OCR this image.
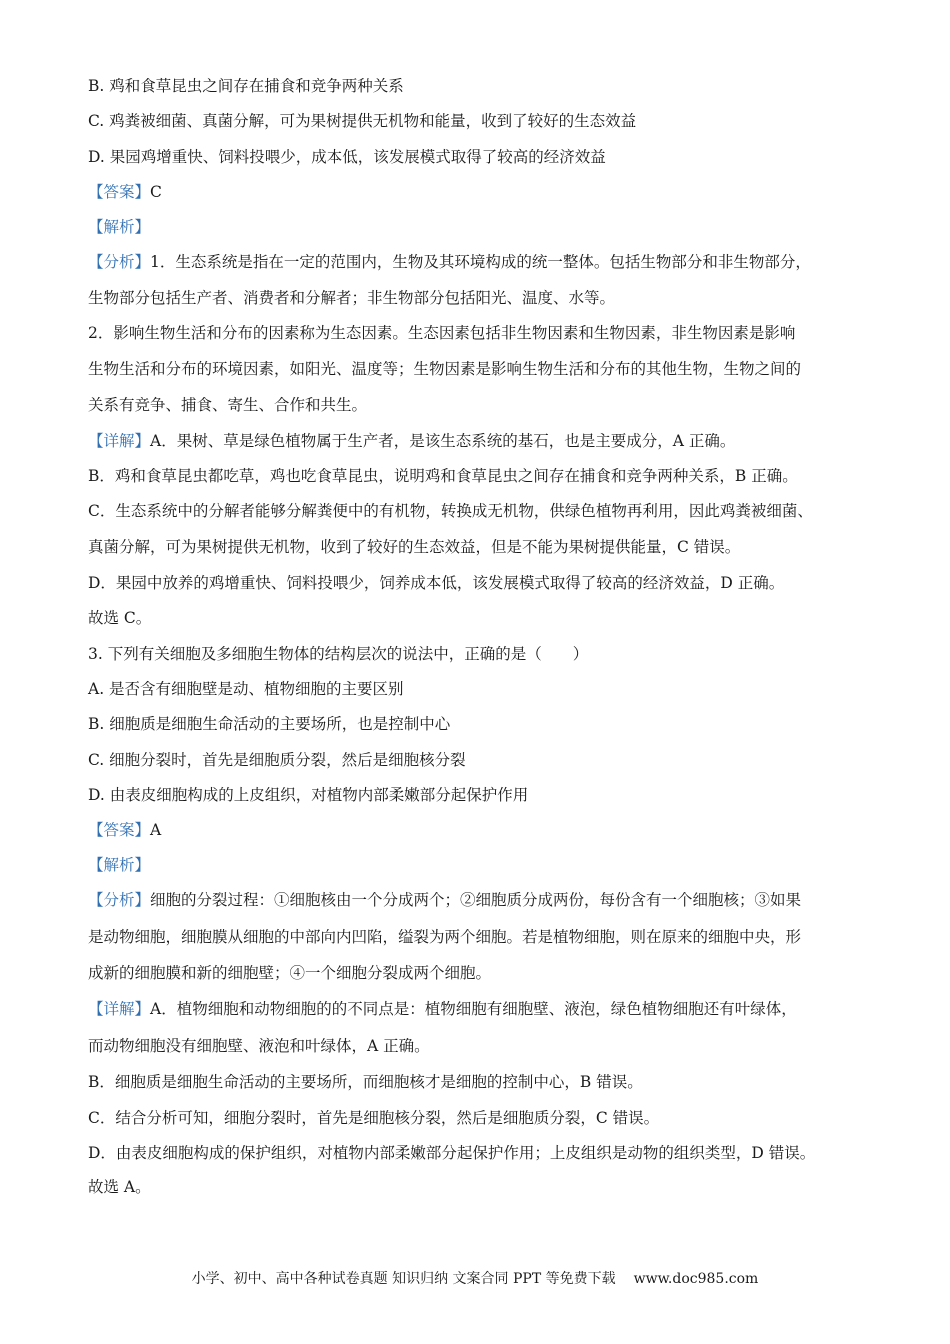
B. 鸡和食草昆虫之间存在捕食和竞争两种关系
C. 鸡粪被细菌、真菌分解，可为果树提供无机物和能量，收到了较好的生态效益
D. 果园鸡增重快、饲料投喂少，成本低，该发展模式取得了较高的经济效益
【答案】C
【解析】
【分析】1．生态系统是指在一定的范围内，生物及其环境构成的统一整体。包括生物部分和非生物部分，
生物部分包括生产者、消费者和分解者；非生物部分包括阳光、温度、水等。
2．影响生物生活和分布的因素称为生态因素。生态因素包括非生物因素和生物因素，非生物因素是影响
生物生活和分布的环境因素，如阳光、温度等；生物因素是影响生物生活和分布的其他生物，生物之间的
关系有竞争、捕食、寄生、合作和共生。
【详解】A．果树、草是绿色植物属于生产者，是该生态系统的基石，也是主要成分，A 正确。
B．鸡和食草昆虫都吃草，鸡也吃食草昆虫，说明鸡和食草昆虫之间存在捕食和竞争两种关系，B 正确。
C．生态系统中的分解者能够分解粪便中的有机物，转换成无机物，供绿色植物再利用，因此鸡粪被细菌、
真菌分解，可为果树提供无机物，收到了较好的生态效益，但是不能为果树提供能量，C 错误。
D．果园中放养的鸡增重快、饲料投喂少，饲养成本低，该发展模式取得了较高的经济效益，D 正确。
故选 C。
3. 下列有关细胞及多细胞生物体的结构层次的说法中，正确的是（　　）
A. 是否含有细胞壁是动、植物细胞的主要区别
B. 细胞质是细胞生命活动的主要场所，也是控制中心
C. 细胞分裂时，首先是细胞质分裂，然后是细胞核分裂
D. 由表皮细胞构成的上皮组织，对植物内部柔嫩部分起保护作用
【答案】A
【解析】
【分析】细胞的分裂过程：①细胞核由一个分成两个；②细胞质分成两份，每份含有一个细胞核；③如果
是动物细胞，细胞膜从细胞的中部向内凹陷，缢裂为两个细胞。若是植物细胞，则在原来的细胞中央，形
成新的细胞膜和新的细胞壁；④一个细胞分裂成两个细胞。
【详解】A．植物细胞和动物细胞的的不同点是：植物细胞有细胞壁、液泡，绿色植物细胞还有叶绿体，
而动物细胞没有细胞壁、液泡和叶绿体，A 正确。
B．细胞质是细胞生命活动的主要场所，而细胞核才是细胞的控制中心，B 错误。
C．结合分析可知，细胞分裂时，首先是细胞核分裂，然后是细胞质分裂，C 错误。
D．由表皮细胞构成的保护组织，对植物内部柔嫩部分起保护作用；上皮组织是动物的组织类型，D 错误。
故选 A。
小学、初中、高中各种试卷真题 知识归纳 文案合同 PPT 等免费下载 www.doc985.com
